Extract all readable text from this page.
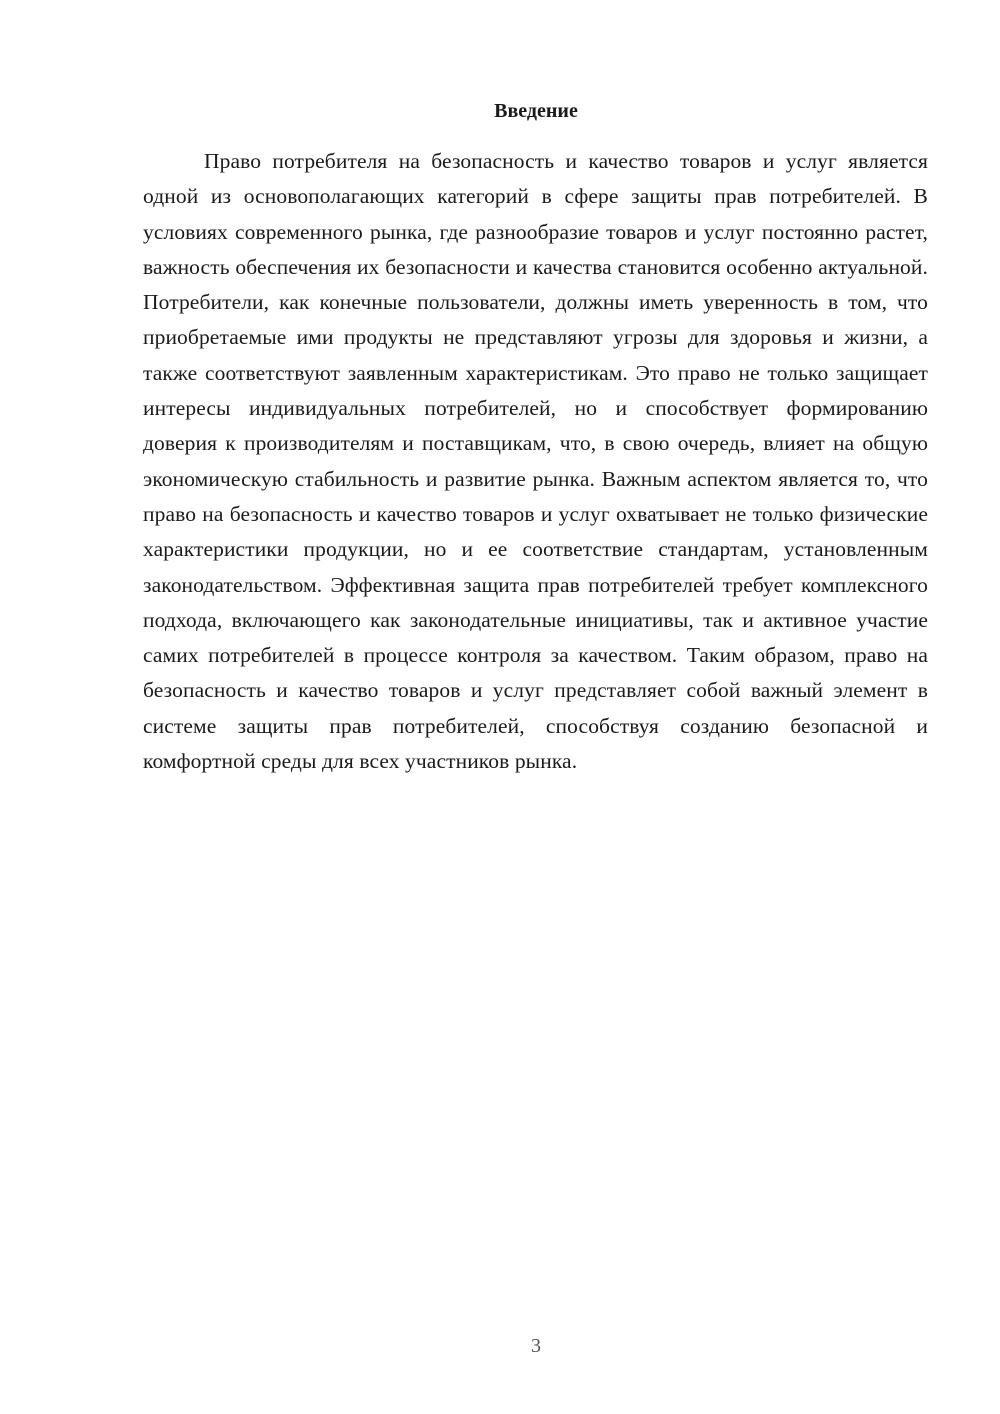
Введение

Право потребителя на безопасность и качество товаров и услуг является одной из основополагающих категорий в сфере защиты прав потребителей. В условиях современного рынка, где разнообразие товаров и услуг постоянно растет, важность обеспечения их безопасности и качества становится особенно актуальной. Потребители, как конечные пользователи, должны иметь уверенность в том, что приобретаемые ими продукты не представляют угрозы для здоровья и жизни, а также соответствуют заявленным характеристикам. Это право не только защищает интересы индивидуальных потребителей, но и способствует формированию доверия к производителям и поставщикам, что, в свою очередь, влияет на общую экономическую стабильность и развитие рынка. Важным аспектом является то, что право на безопасность и качество товаров и услуг охватывает не только физические характеристики продукции, но и ее соответствие стандартам, установленным законодательством. Эффективная защита прав потребителей требует комплексного подхода, включающего как законодательные инициативы, так и активное участие самих потребителей в процессе контроля за качеством. Таким образом, право на безопасность и качество товаров и услуг представляет собой важный элемент в системе защиты прав потребителей, способствуя созданию безопасной и комфортной среды для всех участников рынка.

3
